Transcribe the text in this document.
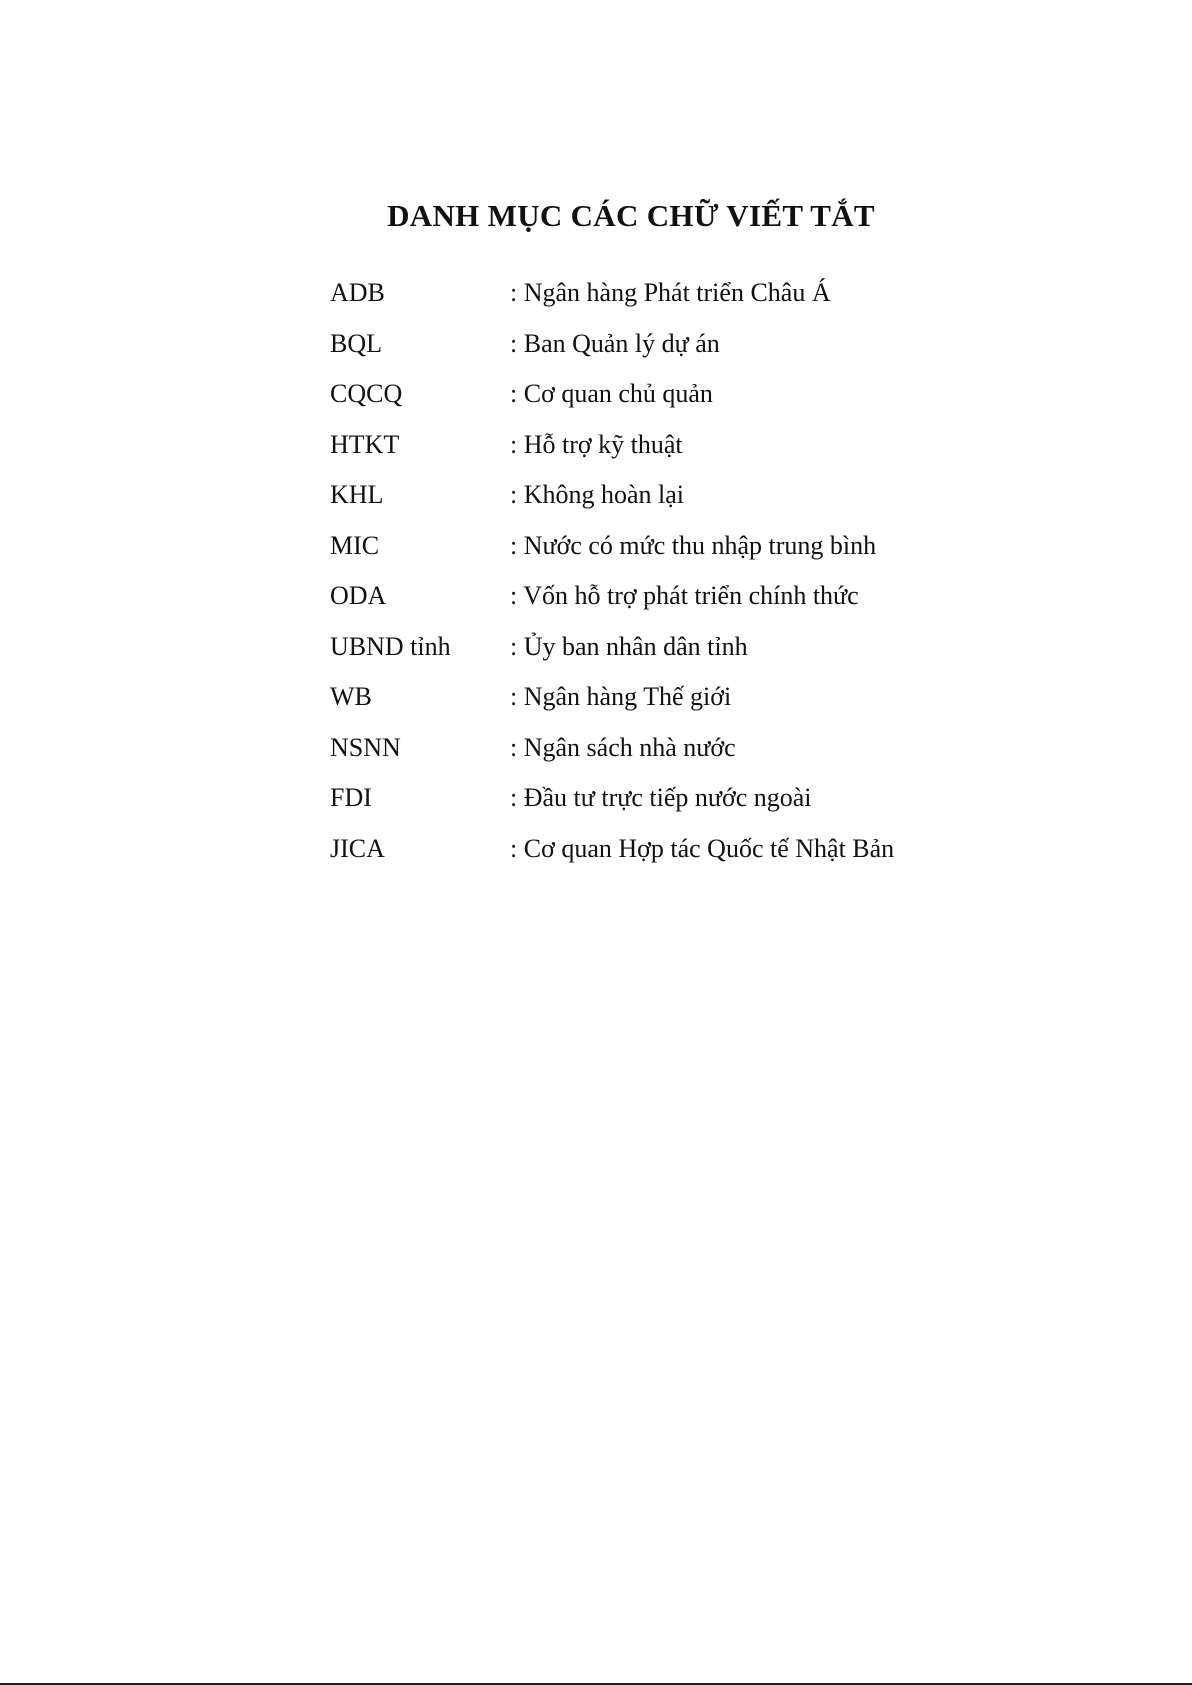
DANH MỤC CÁC CHỮ VIẾT TẮT
ADB	: Ngân hàng Phát triển Châu Á
BQL	: Ban Quản lý dự án
CQCQ	: Cơ quan chủ quản
HTKT	: Hỗ trợ kỹ thuật
KHL	: Không hoàn lại
MIC	: Nước có mức thu nhập trung bình
ODA	: Vốn hỗ trợ phát triển chính thức
UBND tỉnh	: Ủy ban nhân dân tỉnh
WB	: Ngân hàng Thế giới
NSNN	: Ngân sách nhà nước
FDI	: Đầu tư trực tiếp nước ngoài
JICA	: Cơ quan Hợp tác Quốc tế Nhật Bản
